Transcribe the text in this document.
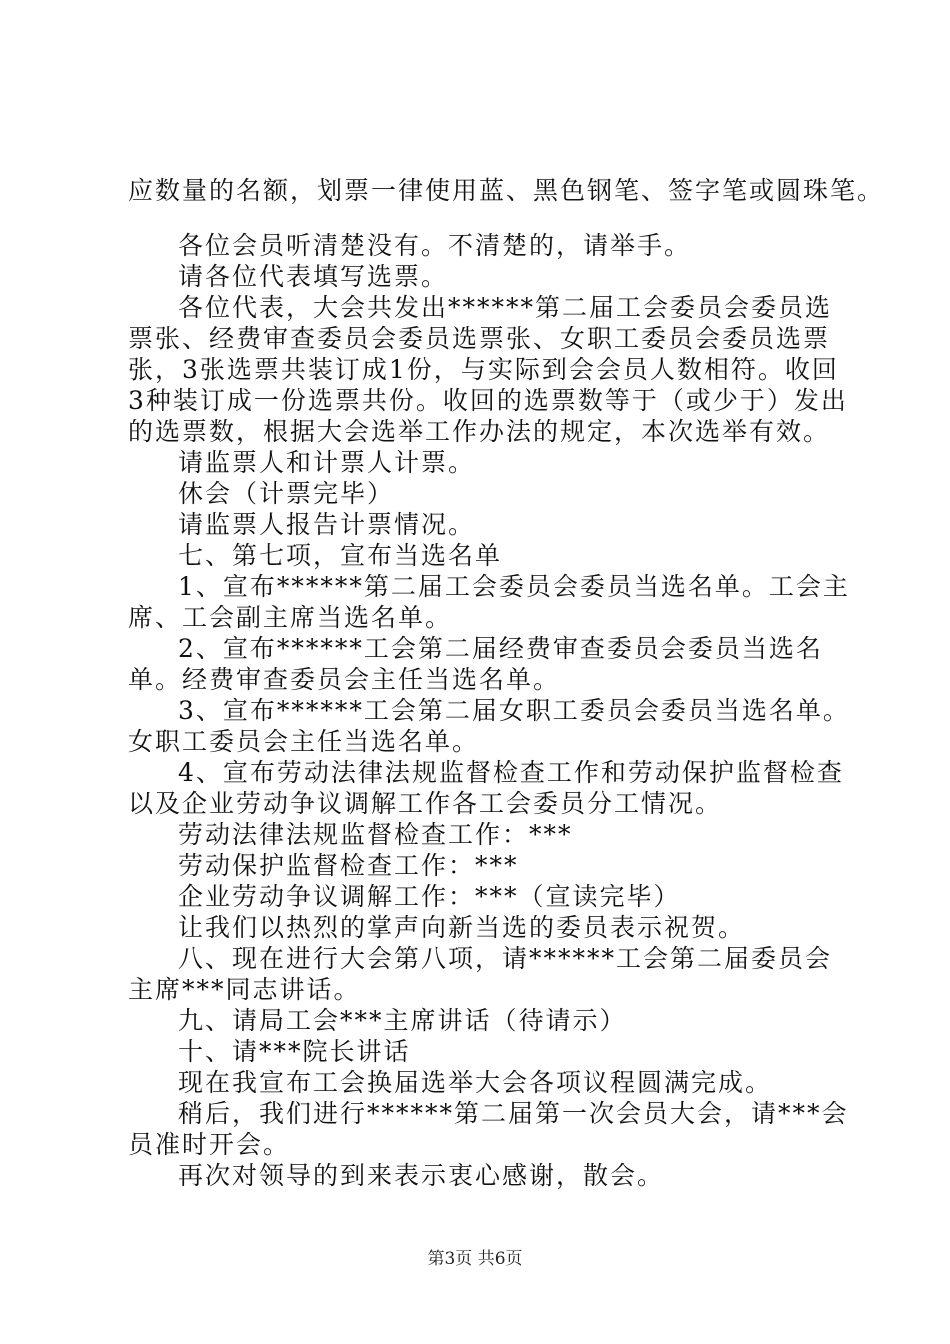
应数量的名额，划票一律使用蓝、黑色钢笔、签字笔或圆珠笔。

各位会员听清楚没有。不清楚的，请举手。

请各位代表填写选票。

各位代表，大会共发出******第二届工会委员会委员选票张、经费审查委员会委员选票张、女职工委员会委员选票张，3张选票共装订成1份，与实际到会会员人数相符。收回3种装订成一份选票共份。收回的选票数等于（或少于）发出的选票数，根据大会选举工作办法的规定，本次选举有效。

请监票人和计票人计票。

休会（计票完毕）

请监票人报告计票情况。

七、第七项，宣布当选名单

1、宣布******第二届工会委员会委员当选名单。工会主席、工会副主席当选名单。

2、宣布******工会第二届经费审查委员会委员当选名单。经费审查委员会主任当选名单。

3、宣布******工会第二届女职工委员会委员当选名单。女职工委员会主任当选名单。

4、宣布劳动法律法规监督检查工作和劳动保护监督检查以及企业劳动争议调解工作各工会委员分工情况。

劳动法律法规监督检查工作：***

劳动保护监督检查工作：***

企业劳动争议调解工作：***（宣读完毕）

让我们以热烈的掌声向新当选的委员表示祝贺。

八、现在进行大会第八项，请******工会第二届委员会主席***同志讲话。

九、请局工会***主席讲话（待请示）

十、请***院长讲话

现在我宣布工会换届选举大会各项议程圆满完成。

稍后，我们进行******第二届第一次会员大会，请***会员准时开会。

再次对领导的到来表示衷心感谢，散会。

第3页 共6页
